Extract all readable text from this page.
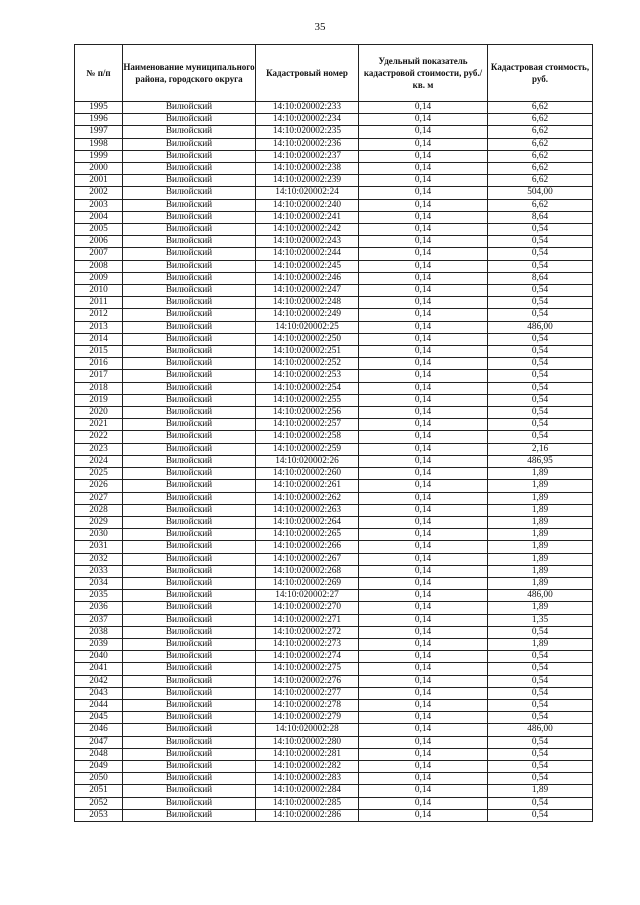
35
№ п/п	Наименование муниципального района, городского округа	Кадастровый номер	Удельный показатель кадастровой стоимости, руб./кв. м	Кадастровая стоимость, руб.
1995	Вилюйский	14:10:020002:233	0,14	6,62
1996	Вилюйский	14:10:020002:234	0,14	6,62
1997	Вилюйский	14:10:020002:235	0,14	6,62
1998	Вилюйский	14:10:020002:236	0,14	6,62
1999	Вилюйский	14:10:020002:237	0,14	6,62
2000	Вилюйский	14:10:020002:238	0,14	6,62
2001	Вилюйский	14:10:020002:239	0,14	6,62
2002	Вилюйский	14:10:020002:24	0,14	504,00
2003	Вилюйский	14:10:020002:240	0,14	6,62
2004	Вилюйский	14:10:020002:241	0,14	8,64
2005	Вилюйский	14:10:020002:242	0,14	0,54
2006	Вилюйский	14:10:020002:243	0,14	0,54
2007	Вилюйский	14:10:020002:244	0,14	0,54
2008	Вилюйский	14:10:020002:245	0,14	0,54
2009	Вилюйский	14:10:020002:246	0,14	8,64
2010	Вилюйский	14:10:020002:247	0,14	0,54
2011	Вилюйский	14:10:020002:248	0,14	0,54
2012	Вилюйский	14:10:020002:249	0,14	0,54
2013	Вилюйский	14:10:020002:25	0,14	486,00
2014	Вилюйский	14:10:020002:250	0,14	0,54
2015	Вилюйский	14:10:020002:251	0,14	0,54
2016	Вилюйский	14:10:020002:252	0,14	0,54
2017	Вилюйский	14:10:020002:253	0,14	0,54
2018	Вилюйский	14:10:020002:254	0,14	0,54
2019	Вилюйский	14:10:020002:255	0,14	0,54
2020	Вилюйский	14:10:020002:256	0,14	0,54
2021	Вилюйский	14:10:020002:257	0,14	0,54
2022	Вилюйский	14:10:020002:258	0,14	0,54
2023	Вилюйский	14:10:020002:259	0,14	2,16
2024	Вилюйский	14:10:020002:26	0,14	486,95
2025	Вилюйский	14:10:020002:260	0,14	1,89
2026	Вилюйский	14:10:020002:261	0,14	1,89
2027	Вилюйский	14:10:020002:262	0,14	1,89
2028	Вилюйский	14:10:020002:263	0,14	1,89
2029	Вилюйский	14:10:020002:264	0,14	1,89
2030	Вилюйский	14:10:020002:265	0,14	1,89
2031	Вилюйский	14:10:020002:266	0,14	1,89
2032	Вилюйский	14:10:020002:267	0,14	1,89
2033	Вилюйский	14:10:020002:268	0,14	1,89
2034	Вилюйский	14:10:020002:269	0,14	1,89
2035	Вилюйский	14:10:020002:27	0,14	486,00
2036	Вилюйский	14:10:020002:270	0,14	1,89
2037	Вилюйский	14:10:020002:271	0,14	1,35
2038	Вилюйский	14:10:020002:272	0,14	0,54
2039	Вилюйский	14:10:020002:273	0,14	1,89
2040	Вилюйский	14:10:020002:274	0,14	0,54
2041	Вилюйский	14:10:020002:275	0,14	0,54
2042	Вилюйский	14:10:020002:276	0,14	0,54
2043	Вилюйский	14:10:020002:277	0,14	0,54
2044	Вилюйский	14:10:020002:278	0,14	0,54
2045	Вилюйский	14:10:020002:279	0,14	0,54
2046	Вилюйский	14:10:020002:28	0,14	486,00
2047	Вилюйский	14:10:020002:280	0,14	0,54
2048	Вилюйский	14:10:020002:281	0,14	0,54
2049	Вилюйский	14:10:020002:282	0,14	0,54
2050	Вилюйский	14:10:020002:283	0,14	0,54
2051	Вилюйский	14:10:020002:284	0,14	1,89
2052	Вилюйский	14:10:020002:285	0,14	0,54
2053	Вилюйский	14:10:020002:286	0,14	0,54
